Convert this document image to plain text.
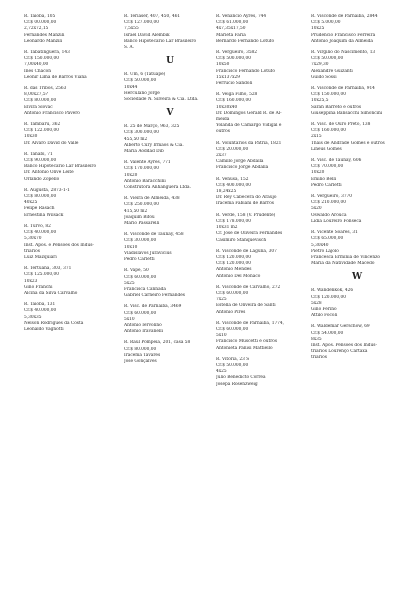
R. Taioba, 105
Cr.$ 00.000,00
2,72x72,15
Fernandes Manzili
Leonardo Manzili
R. Tabatinguera, 143
Cr.$ 150.000,00
7,00x40,00
Inês Chacon
Leonir Lima de Barros Viana
R. das Tribos, 2563
8,00x27,5?
Cr.$ 80.000,00
Elvira Slovac
Antonio Francisco Pavero
R. Tambaru, 362
Cr.$ 122.000,00
10x30
Dr. Alvaro David do Valle
R. Tanabi, 71
Cr.$ 90.000,00
Banco Hipotecario Lar Brasileiro
Dr. Antonio Olivé Leite
Orlando Zopello
R. Augusta, 2873-1-1
Cr.$ 80.000,00
40x25
Felipe Rasach
Ernestina Wilsack
R. Turvo, 82
Cr.$ 40.000,00
5,30x70
Inst. Apos. e Pensões dos Indus-
triarios
Luiz Mazquiari
R. Tertuana, 303, 371
Cr.$ 125.000,00
10x23
Gino Franchi
Alcina da Silva Carvalho
R. Taioba, 131
Cr.$ 40.000,00
5,30x35
Nelson Rodrigues da Costa
Leonaldo Vagnotti
R. Teriaser, 407, 450, 461
Cr.$ 127.000,00
7,5x55
Israel David Alembik
Banco Hipotecario Lar Brasileiro
S. A.
U
R. Um, 6 (Tatuapé)
Cr.$ 50.000,00
10x44
Herculano Jorge
Sociedade N. Silveira & Cia. Ltda.
V
R. 25 de Março, 963, 325
Cr.$ 300.000,00
455,50 m2
Alberto Cury Irmãos & Cia.
Maria Aoddad Dib
R. Valente Ayres, 771
Cr.$ 170.000,00
10x20
Antonio Baracchini
Construtora Anhanguera Ltda.
R. Vieira de Almeida, 438
Cr.$ 250.000,00
415,50 m2
Joaquim Bifou
Mario Passarelli
R. Visconde de Taunay, 458
Cr.$ 30.000,00
10x10
Vladislavos Juravicius
Pedro Carletti
R. Vapé, 50
Cr.$ 60.000,00
5x25
Francisca Cannada
Gabriel Carneiro Fernandes
R. Visc. de Parnaíba, 3469
Cr.$ 60.000,00
5x10
Antonio Iervolino
Antonio Iravanelli
R. Raul Pompeia, 201, casa 58
Cr.$ 80.000,00
Iracema Tavares
José Gonçalves
R. Venâncio Ayres, 744
Cr.$ 61.000,00
4x7,35x17,50
Marieta Faria
Bernardo Fernando Lotufo
R. Vergueiro, 3582
Cr.$ 500.000,00
10x50
Francisco Fernando Lotufo
15x137x29
Ferrucio Sandoli
R. Veiga Filho, 528
Cr.$ 160.000,00
10x30x40
Dr. Domingos Gerald R. de Al-
meida
Yolanda de Camargo Vidigal e
outros
R. Voluntarios da Patria, 1821
Cr.$ 20.000,00
2x37
Camillo Jorge Abdalla
Francisco Jorge Abdalla
R. Venusa, 152
Cr.$ 400.000,00
18,24x25
Dr. Rey Cabecera do Araujo
Iracema Fabiani de Barros
R. Verde, 158 (V. Prudente)
Cr.$ 178.000,00
10x31 m2
Cr. José de Oliveira Fernandes
Casimiro Stanquevisch
R. Visconde de Laguna, 307
Cr.$ 120.000,00
Cr.$ 120.000,00
Antonio Mendes
Antonio Del Monaco
R. Visconde de Carvalho, 272
Cr.$ 60.000,00
7x25
Estella de Oliveira de Santi
Antonio Pires
R. Visconde de Parnaíba, 1774,
Cr.$ 60.000,00
5x10
Francisco Muscetti e outros
Antonieta Panisi Mattiello
R. Vitoria, 23 S
Cr.$ 50.000,00
4x25
Julio Benedicto Corrêa
Josepa Rosenzweig
R. Visconde de Parnaíba, 2844
Cr.$ 5.000,00
10x25
Prudencio Francisco Ferreira
Antonio Joaquim da Almeida
R. Virgílio do Nascimento, 13
Cr.$ 50.000,00
7x29,30
Alexandre Guizanti
Guido Sossi
R. Visconde de Parnaíba, 914
Cr.$ 150.000,00
10x25,5
Sarah Barreto e outros
Giuseppina Bansacchi Simoncini
R. Visc. de Ouro Preto, 138
Cr.$ 160.000,00
2x15
Thais de Andrade Gomes e outros
Lineus Gomes
R. Visc. de Taunay, 606
Cr.$ 70.000,00
10x20
Emilio Belli
Pedro Carletti
R. Vergueiro, 3770
Cr.$ 210.000,00
5x20
Oswaldo Arouca
Lídia Loureiro Fonseca
R. Vicente Soares, 31
Cr.$ 65.000,00
5,30x40
Pietro Lajolo
Francesca Ermínia de Vincenzo
Maria da Natividade Macedo
W
R. Wandenkok, 426
Cr.$ 120.000,00
5x28
Gino Ferino
Attilo Focoli
R. Waldemar Gerschow, 69
Cr.$ 54.000,00
8x35
Inst. Apos. Pensões dos Indus-
triarios Lourenço Cartaxa
triarios
